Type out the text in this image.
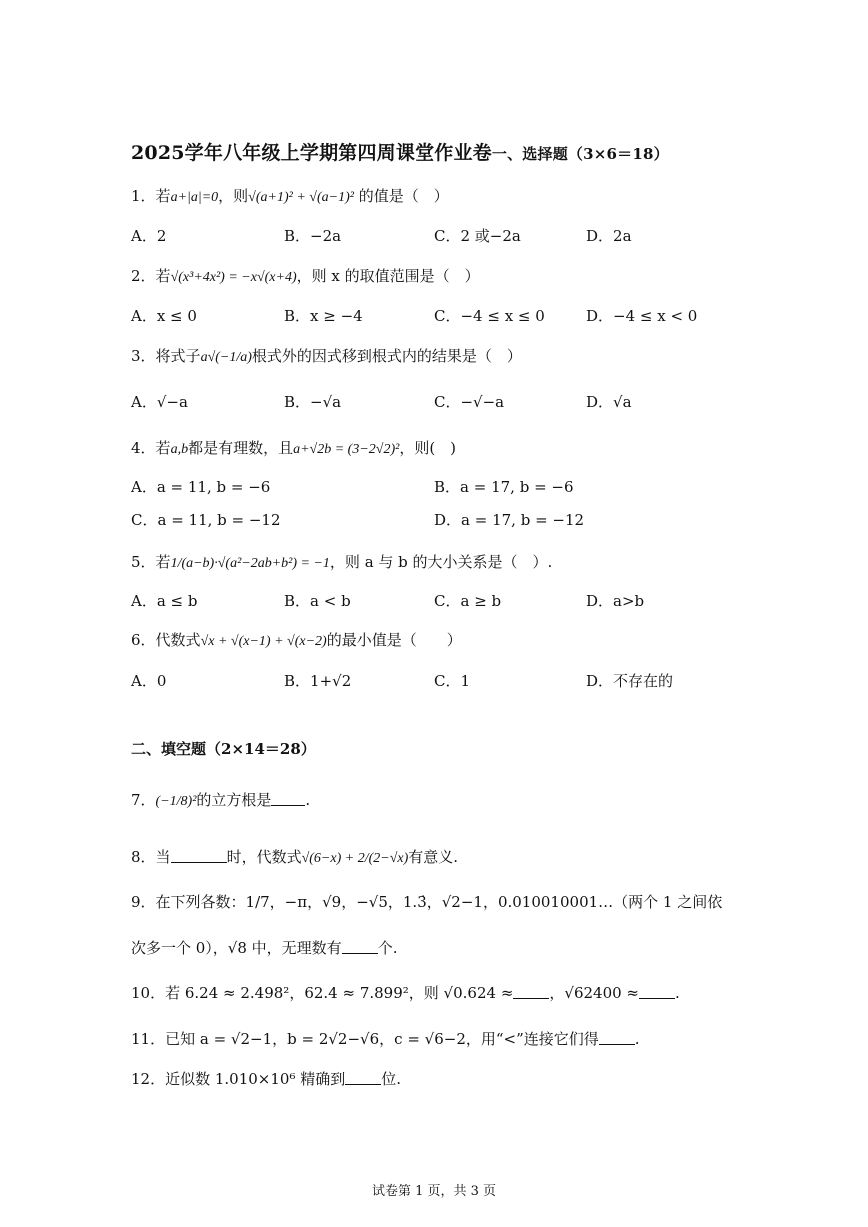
2025学年八年级上学期第四周课堂作业卷一、选择题（3×6＝18）
1．若a+|a|=0，则√(a+1)² + √(a−1)² 的值是（　）
A．2	B．−2a	C．2 或−2a	D．2a
2．若√(x³+4x²) = −x√(x+4)，则 x 的取值范围是（　）
A．x ≤ 0	B．x ≥ −4	C．−4 ≤ x ≤ 0	D．−4 ≤ x < 0
3．将式子a√(−1/a)根式外的因式移到根式内的结果是（　）
A．√−a	B．−√a	C．−√−a	D．√a
4．若a,b都是有理数，且a+√2b = (3−2√2)²，则(　)
A．a = 11, b = −6	B．a = 17, b = −6
C．a = 11, b = −12	D．a = 17, b = −12
5．若1/(a−b)·√(a²−2ab+b²) = −1，则 a 与 b 的大小关系是（　）.
A．a ≤ b	B．a < b	C．a ≥ b	D．a>b
6．代数式√x + √(x−1) + √(x−2)的最小值是（　　）
A．0	B．1+√2	C．1	D．不存在的
二、填空题（2×14＝28）
7．(−1/8)²的立方根是 .
8．当	时，代数式√(6−x) + 2/(2−√x)有意义.
9．在下列各数：1/7，−π，√9，−√5，1.3̇，√2−1，0.010010001…（两个 1 之间依
次多一个 0），√8 中，无理数有 个.
10．若 6.24 ≈ 2.498²，62.4 ≈ 7.899²，则 √0.624 ≈ ，√62400 ≈ .
11．已知 a = √2−1，b = 2√2−√6，c = √6−2，用“<”连接它们得 .
12．近似数 1.010×10⁶ 精确到 位.
试卷第 1 页，共 3 页
